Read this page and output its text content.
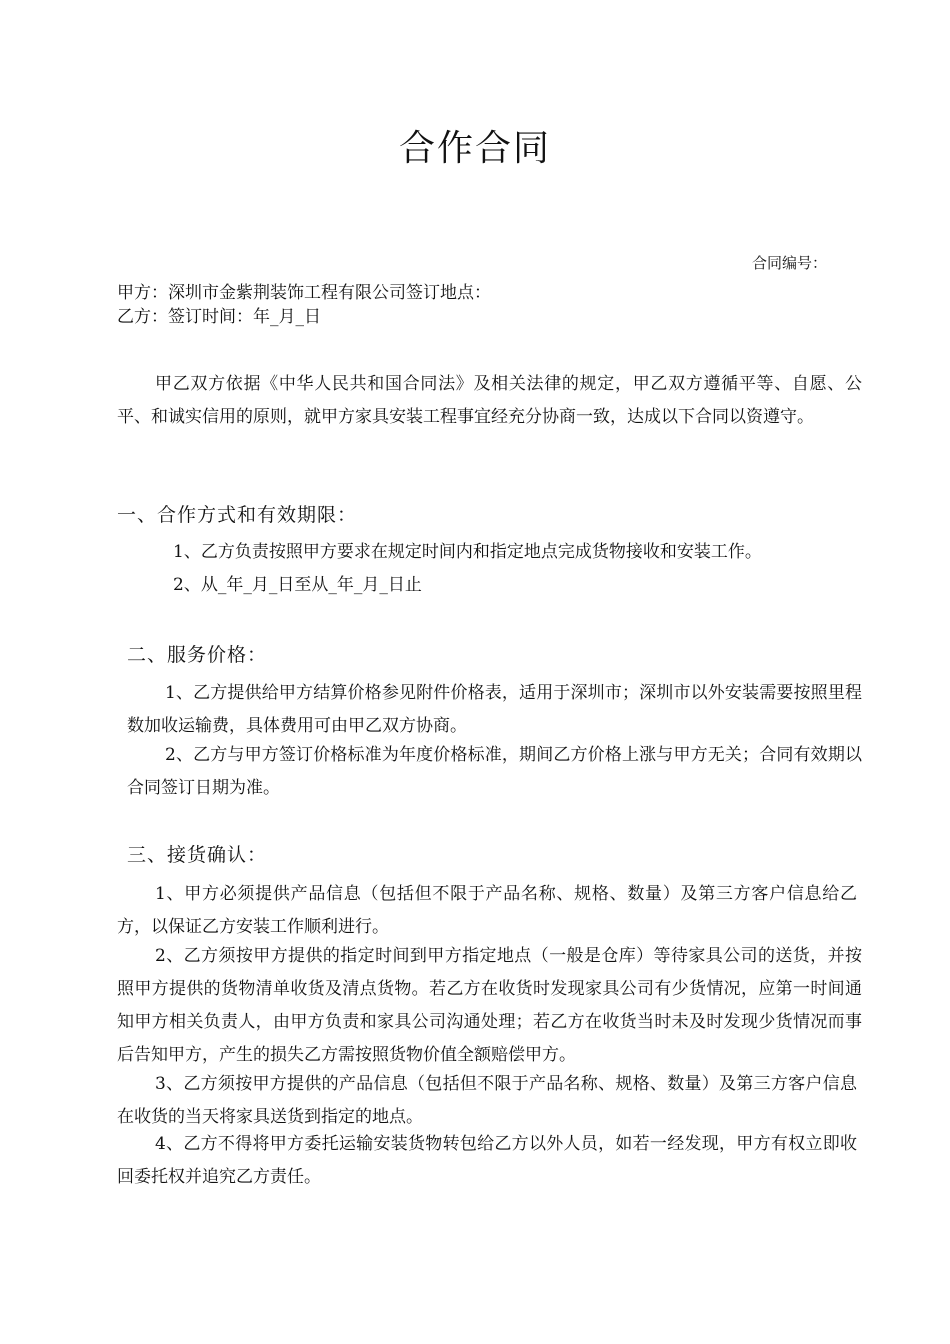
合作合同
合同编号：
甲方：深圳市金紫荆装饰工程有限公司签订地点：
乙方：签订时间：年_月_日
甲乙双方依据《中华人民共和国合同法》及相关法律的规定，甲乙双方遵循平等、自愿、公平、和诚实信用的原则，就甲方家具安装工程事宜经充分协商一致，达成以下合同以资遵守。
一、合作方式和有效期限：
1、乙方负责按照甲方要求在规定时间内和指定地点完成货物接收和安装工作。
2、从_年_月_日至从_年_月_日止
二、服务价格：
1、乙方提供给甲方结算价格参见附件价格表，适用于深圳市；深圳市以外安装需要按照里程数加收运输费，具体费用可由甲乙双方协商。
2、乙方与甲方签订价格标准为年度价格标准，期间乙方价格上涨与甲方无关；合同有效期以合同签订日期为准。
三、接货确认：
1、甲方必须提供产品信息（包括但不限于产品名称、规格、数量）及第三方客户信息给乙方，以保证乙方安装工作顺利进行。
2、乙方须按甲方提供的指定时间到甲方指定地点（一般是仓库）等待家具公司的送货，并按照甲方提供的货物清单收货及清点货物。若乙方在收货时发现家具公司有少货情况，应第一时间通知甲方相关负责人，由甲方负责和家具公司沟通处理；若乙方在收货当时未及时发现少货情况而事后告知甲方，产生的损失乙方需按照货物价值全额赔偿甲方。
3、乙方须按甲方提供的产品信息（包括但不限于产品名称、规格、数量）及第三方客户信息在收货的当天将家具送货到指定的地点。
4、乙方不得将甲方委托运输安装货物转包给乙方以外人员，如若一经发现，甲方有权立即收回委托权并追究乙方责任。
